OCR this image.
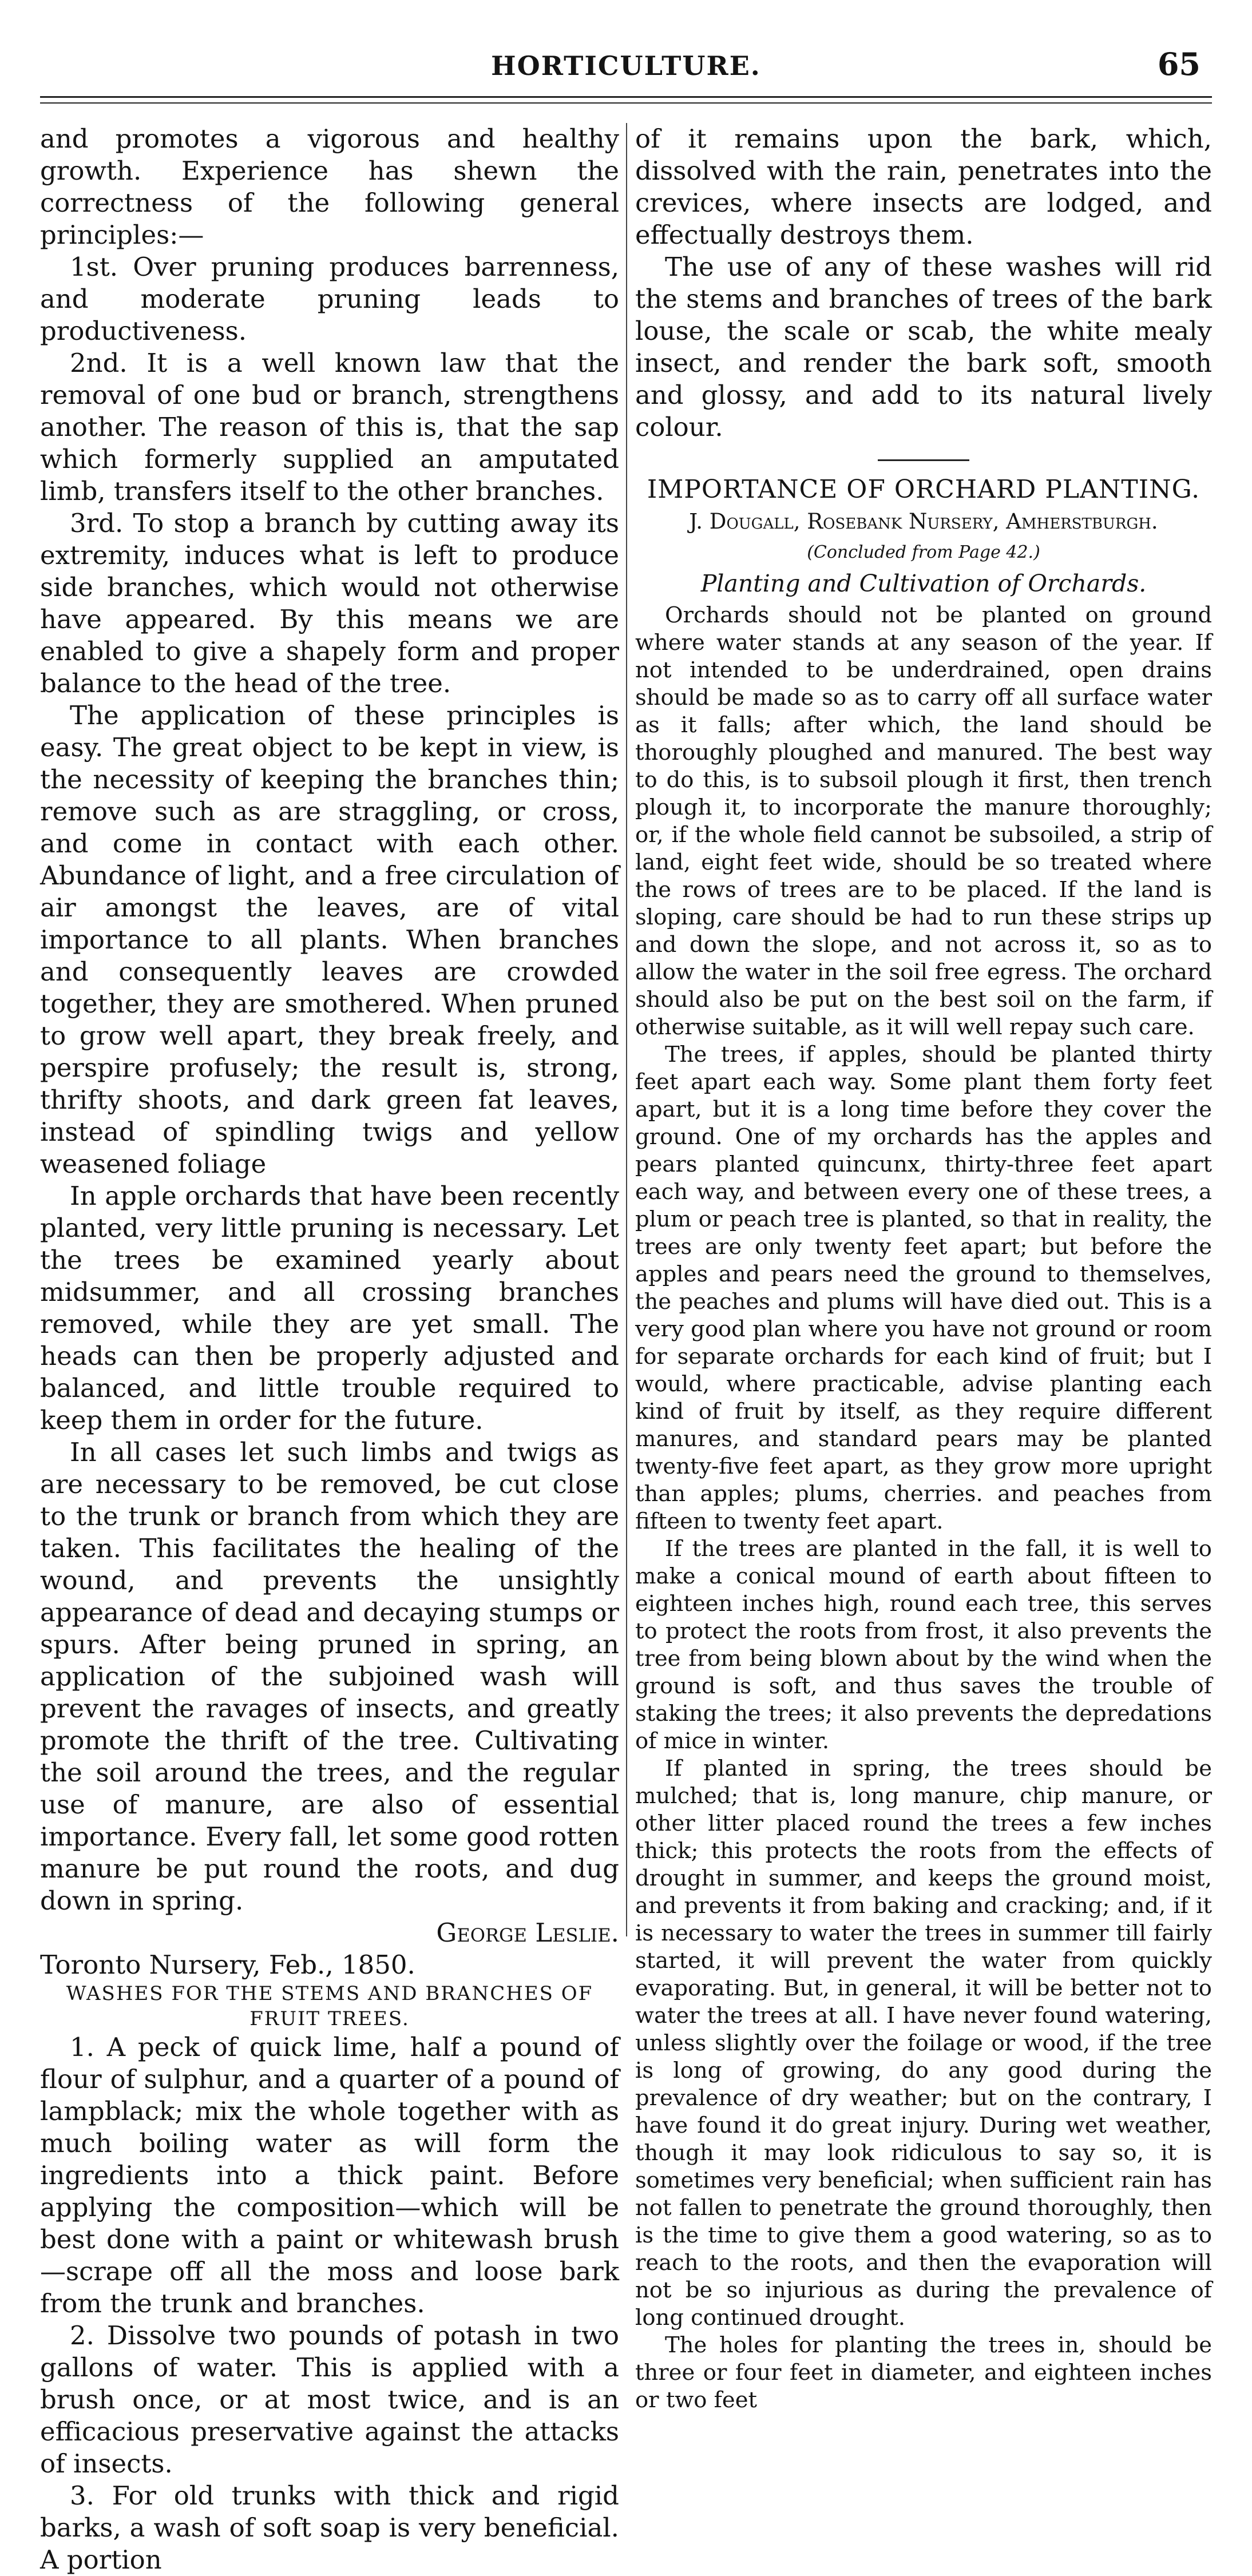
HORTICULTURE.	65

and promotes a vigorous and healthy growth. Experience has shewn the correctness of the following general principles:—

1st. Over pruning produces barrenness, and moderate pruning leads to productiveness.

2nd. It is a well known law that the removal of one bud or branch, strengthens another. The reason of this is, that the sap which formerly supplied an amputated limb, transfers itself to the other branches.

3rd. To stop a branch by cutting away its extremity, induces what is left to produce side branches, which would not otherwise have appeared. By this means we are enabled to give a shapely form and proper balance to the head of the tree.

The application of these principles is easy. The great object to be kept in view, is the necessity of keeping the branches thin; remove such as are straggling, or cross, and come in contact with each other. Abundance of light, and a free circulation of air amongst the leaves, are of vital importance to all plants. When branches and consequently leaves are crowded together, they are smothered. When pruned to grow well apart, they break freely, and perspire profusely; the result is, strong, thrifty shoots, and dark green fat leaves, instead of spindling twigs and yellow weasened foliage

In apple orchards that have been recently planted, very little pruning is necessary. Let the trees be examined yearly about midsummer, and all crossing branches removed, while they are yet small. The heads can then be properly adjusted and balanced, and little trouble required to keep them in order for the future.

In all cases let such limbs and twigs as are necessary to be removed, be cut close to the trunk or branch from which they are taken. This facilitates the healing of the wound, and prevents the unsightly appearance of dead and decaying stumps or spurs. After being pruned in spring, an application of the subjoined wash will prevent the ravages of insects, and greatly promote the thrift of the tree. Cultivating the soil around the trees, and the regular use of manure, are also of essential importance. Every fall, let some good rotten manure be put round the roots, and dug down in spring.

George Leslie.

Toronto Nursery, Feb., 1850.

WASHES FOR THE STEMS AND BRANCHES OF FRUIT TREES.

1. A peck of quick lime, half a pound of flour of sulphur, and a quarter of a pound of lampblack; mix the whole together with as much boiling water as will form the ingredients into a thick paint. Before applying the composition—which will be best done with a paint or whitewash brush —scrape off all the moss and loose bark from the trunk and branches.

2. Dissolve two pounds of potash in two gallons of water. This is applied with a brush once, or at most twice, and is an efficacious preservative against the attacks of insects.

3. For old trunks with thick and rigid barks, a wash of soft soap is very beneficial. A portion

of it remains upon the bark, which, dissolved with the rain, penetrates into the crevices, where insects are lodged, and effectually destroys them.

The use of any of these washes will rid the stems and branches of trees of the bark louse, the scale or scab, the white mealy insect, and render the bark soft, smooth and glossy, and add to its natural lively colour.

IMPORTANCE OF ORCHARD PLANTING.
J. Dougall, Rosebank Nursery, Amherstburgh.
(Concluded from Page 42.)
Planting and Cultivation of Orchards.

Orchards should not be planted on ground where water stands at any season of the year. If not intended to be underdrained, open drains should be made so as to carry off all surface water as it falls; after which, the land should be thoroughly ploughed and manured. The best way to do this, is to subsoil plough it first, then trench plough it, to incorporate the manure thoroughly; or, if the whole field cannot be subsoiled, a strip of land, eight feet wide, should be so treated where the rows of trees are to be placed. If the land is sloping, care should be had to run these strips up and down the slope, and not across it, so as to allow the water in the soil free egress. The orchard should also be put on the best soil on the farm, if otherwise suitable, as it will well repay such care.

The trees, if apples, should be planted thirty feet apart each way. Some plant them forty feet apart, but it is a long time before they cover the ground. One of my orchards has the apples and pears planted quincunx, thirty-three feet apart each way, and between every one of these trees, a plum or peach tree is planted, so that in reality, the trees are only twenty feet apart; but before the apples and pears need the ground to themselves, the peaches and plums will have died out. This is a very good plan where you have not ground or room for separate orchards for each kind of fruit; but I would, where practicable, advise planting each kind of fruit by itself, as they require different manures, and standard pears may be planted twenty-five feet apart, as they grow more upright than apples; plums, cherries. and peaches from fifteen to twenty feet apart.

If the trees are planted in the fall, it is well to make a conical mound of earth about fifteen to eighteen inches high, round each tree, this serves to protect the roots from frost, it also prevents the tree from being blown about by the wind when the ground is soft, and thus saves the trouble of staking the trees; it also prevents the depredations of mice in winter.

If planted in spring, the trees should be mulched; that is, long manure, chip manure, or other litter placed round the trees a few inches thick; this protects the roots from the effects of drought in summer, and keeps the ground moist, and prevents it from baking and cracking; and, if it is necessary to water the trees in summer till fairly started, it will prevent the water from quickly evaporating. But, in general, it will be better not to water the trees at all. I have never found watering, unless slightly over the foilage or wood, if the tree is long of growing, do any good during the prevalence of dry weather; but on the contrary, I have found it do great injury. During wet weather, though it may look ridiculous to say so, it is sometimes very beneficial; when sufficient rain has not fallen to penetrate the ground thoroughly, then is the time to give them a good watering, so as to reach to the roots, and then the evaporation will not be so injurious as during the prevalence of long continued drought.

The holes for planting the trees in, should be three or four feet in diameter, and eighteen inches or two feet
